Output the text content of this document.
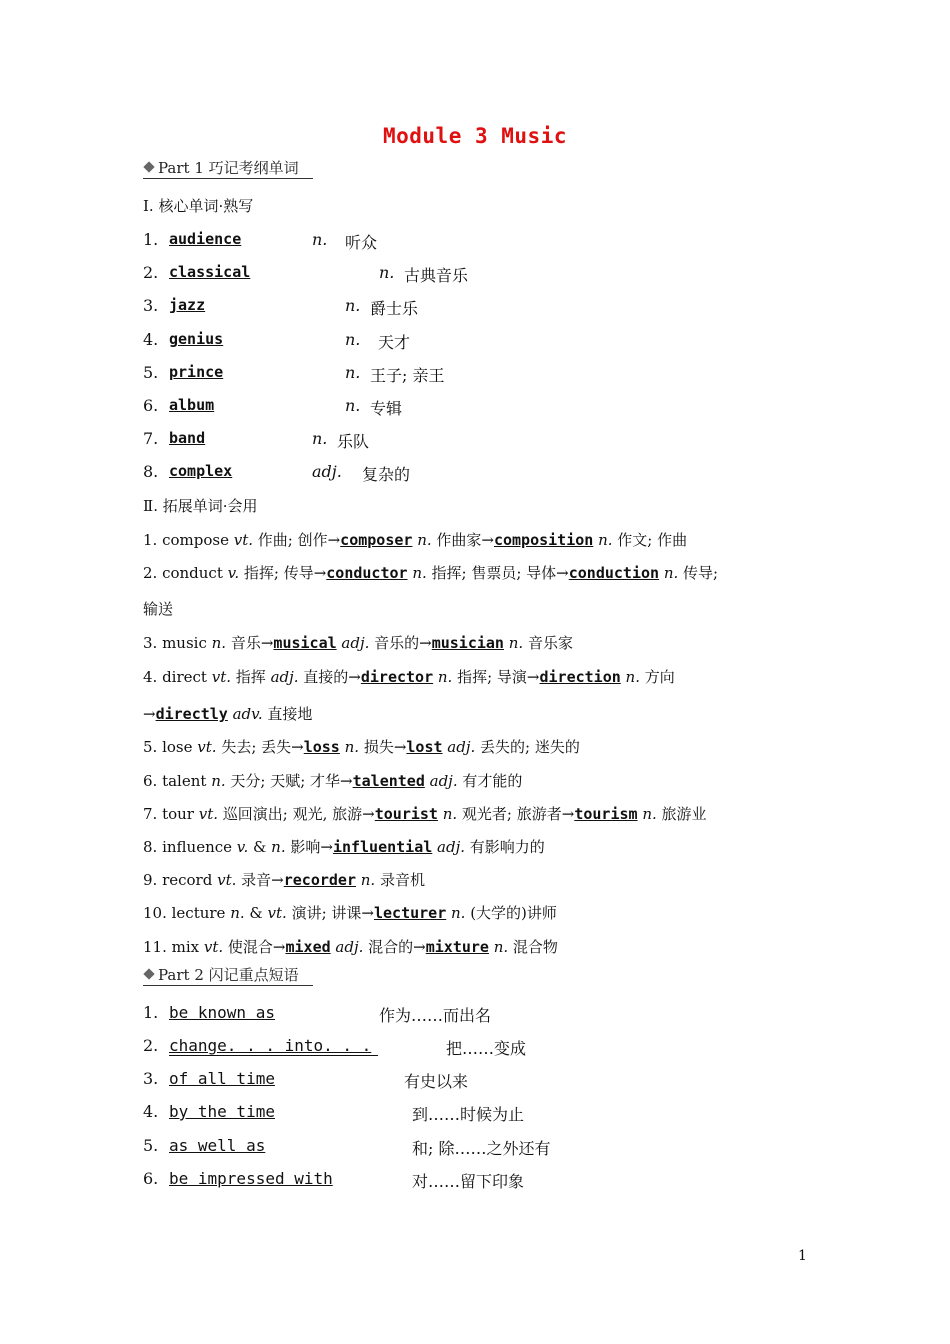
Module 3 Music
Part 1 巧记考纲单词
Ⅰ. 核心单词·熟写
1. audience	n. 听众
2. classical	n. 古典音乐
3. jazz	n. 爵士乐
4. genius	n. 天才
5. prince	n. 王子; 亲王
6. album	n. 专辑
7. band	n. 乐队
8. complex	adj. 复杂的
Ⅱ. 拓展单词·会用
1. compose vt. 作曲; 创作→composer n. 作曲家→composition n. 作文; 作曲
2. conduct v. 指挥; 传导→conductor n. 指挥; 售票员; 导体→conduction n. 传导;
输送
3. music n. 音乐→musical adj. 音乐的→musician n. 音乐家
4. direct vt. 指挥 adj. 直接的→director n. 指挥; 导演→direction n. 方向
→directly adv. 直接地
5. lose vt. 失去; 丢失→loss n. 损失→lost adj. 丢失的; 迷失的
6. talent n. 天分; 天赋; 才华→talented adj. 有才能的
7. tour vt. 巡回演出; 观光, 旅游→tourist n. 观光者; 旅游者→tourism n. 旅游业
8. influence v. & n. 影响→influential adj. 有影响力的
9. record vt. 录音→recorder n. 录音机
10. lecture n. & vt. 演讲; 讲课→lecturer n. (大学的)讲师
11. mix vt. 使混合→mixed adj. 混合的→mixture n. 混合物
Part 2 闪记重点短语
1. be known as	作为……而出名
2. change. . . into. . .	把……变成
3. of all time	有史以来
4. by the time	到……时候为止
5. as well as	和; 除……之外还有
6. be impressed with	对……留下印象
1
